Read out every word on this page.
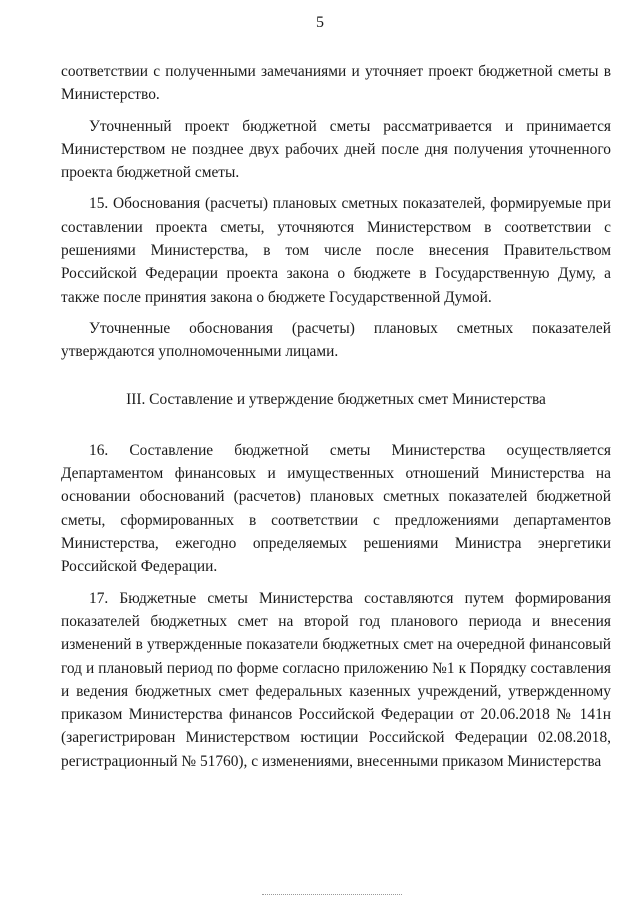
5

соответствии с полученными замечаниями и уточняет проект бюджетной сметы в Министерство.

Уточненный проект бюджетной сметы рассматривается и принимается Министерством не позднее двух рабочих дней после дня получения уточненного проекта бюджетной сметы.

15. Обоснования (расчеты) плановых сметных показателей, формируемые при составлении проекта сметы, уточняются Министерством в соответствии с решениями Министерства, в том числе после внесения Правительством Российской Федерации проекта закона о бюджете в Государственную Думу, а также после принятия закона о бюджете Государственной Думой.

Уточненные обоснования (расчеты) плановых сметных показателей утверждаются уполномоченными лицами.

III. Составление и утверждение бюджетных смет Министерства

16. Составление бюджетной сметы Министерства осуществляется Департаментом финансовых и имущественных отношений Министерства на основании обоснований (расчетов) плановых сметных показателей бюджетной сметы, сформированных в соответствии с предложениями департаментов Министерства, ежегодно определяемых решениями Министра энергетики Российской Федерации.

17. Бюджетные сметы Министерства составляются путем формирования показателей бюджетных смет на второй год планового периода и внесения изменений в утвержденные показатели бюджетных смет на очередной финансовый год и плановый период по форме согласно приложению №1 к Порядку составления и ведения бюджетных смет федеральных казенных учреждений, утвержденному приказом Министерства финансов Российской Федерации от 20.06.2018 № 141н (зарегистрирован Министерством юстиции Российской Федерации 02.08.2018, регистрационный № 51760), с изменениями, внесенными приказом Министерства
